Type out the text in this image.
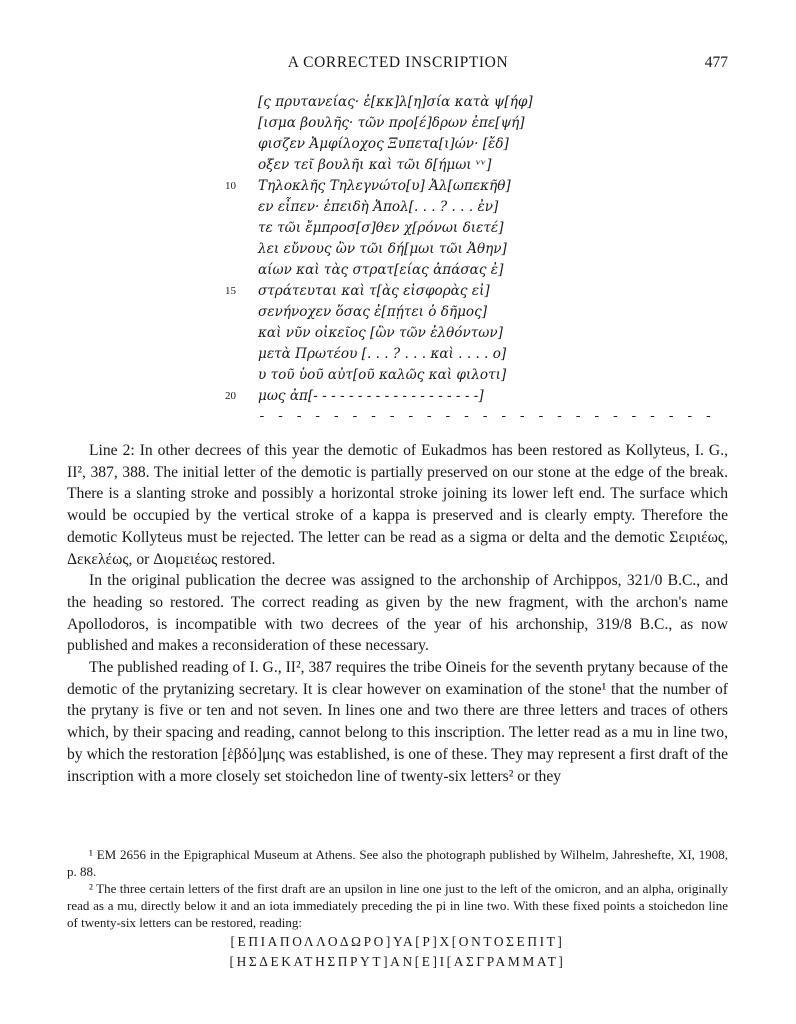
A CORRECTED INSCRIPTION	477
[ς πρυτανείας· ἐ[κκ]λ[η]σία κατὰ ψ[ήφ]
[ισμα βουλῆς· τῶν προ[έ]δρων ἐπε[ψή]
φισζεν Ἀμφίλοχος Ξυπετα[ι]ών· [ἔδ]
οξεν τεῖ βουλῆι καὶ τῶι δ[ήμωι ᵛᵛ]
10 Τηλοκλῆς Τηλεγνώτο[υ] Ἀλ[ωπεκῆθ]
εν εἶπεν· ἐπειδὴ Ἀπολ[. . . ? . . . ἐν]
τε τῶι ἔμπροσ[σ]θεν χ[ρόνωι διετέ]
λει εὔνους ὢν τῶι δή[μωι τῶι Ἀθην]
αίων καὶ τὰς στρατ[είας ἁπάσας ἐ]
15 στράτευται καὶ τ[ὰς εἰσφορὰς εἰ]
σενήνοχεν ὅσας ἐ[πῄτει ὁ δῆμος]
καὶ νῦν οἰκεῖος [ὢν τῶν ἐλθόντων]
μετὰ Πρωτέου [. . . ? . . . καὶ . . . . ο]
υ τοῦ ὑοῦ αὐτ[οῦ καλῶς καὶ φιλοτι]
20 μως ἀπ[- - - - - - - - - - - - - - - - - - -]
- - - - - - - - - - - - - - - - - - - - - - - - -

Line 2: In other decrees of this year the demotic of Eukadmos has been restored as Kollyteus, I. G., II², 387, 388. The initial letter of the demotic is partially preserved on our stone at the edge of the break. There is a slanting stroke and possibly a horizontal stroke joining its lower left end. The surface which would be occupied by the vertical stroke of a kappa is preserved and is clearly empty. Therefore the demotic Kollyteus must be rejected. The letter can be read as a sigma or delta and the demotic Σειριέως, Δεκελέως, or Διομειέως restored.

In the original publication the decree was assigned to the archonship of Archippos, 321/0 B.C., and the heading so restored. The correct reading as given by the new fragment, with the archon's name Apollodoros, is incompatible with two decrees of the year of his archonship, 319/8 B.C., as now published and makes a reconsideration of these necessary.

The published reading of I. G., II², 387 requires the tribe Oineis for the seventh prytany because of the demotic of the prytanizing secretary. It is clear however on examination of the stone¹ that the number of the prytany is five or ten and not seven. In lines one and two there are three letters and traces of others which, by their spacing and reading, cannot belong to this inscription. The letter read as a mu in line two, by which the restoration [ἑβδό]μης was established, is one of these. They may represent a first draft of the inscription with a more closely set stoichedon line of twenty-six letters² or they

¹ EM 2656 in the Epigraphical Museum at Athens. See also the photograph published by Wilhelm, Jahreshefte, XI, 1908, p. 88.

² The three certain letters of the first draft are an upsilon in line one just to the left of the omicron, and an alpha, originally read as a mu, directly below it and an iota immediately preceding the pi in line two. With these fixed points a stoichedon line of twenty-six letters can be restored, reading:

[ΕΠΙΑΠΟΛΛΟΔΩΡΟ]ΥΑ[Ρ]Χ[ΟΝΤΟΣΕΠΙΤ]
[ΗΣΔΕΚΑΤΗΣΠΡΥΤ]ΑΝ[Ε]Ι[ΑΣΓΡΑΜΜΑΤ]
